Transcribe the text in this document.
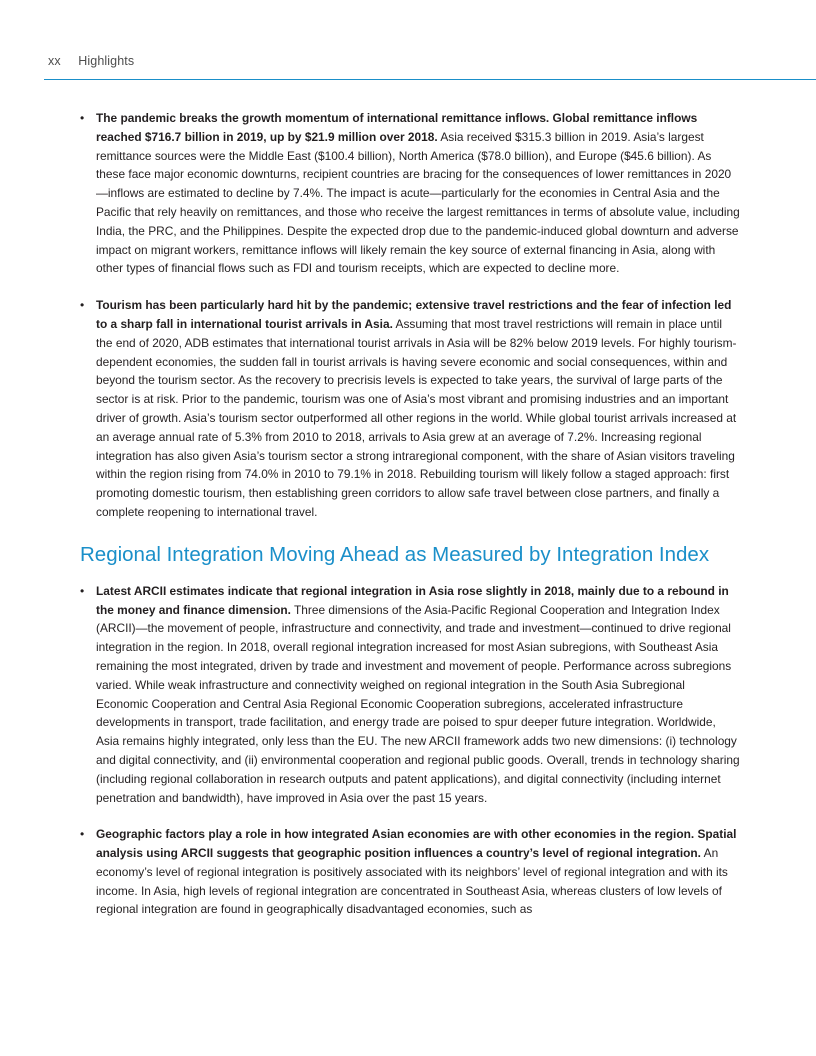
xx Highlights
• The pandemic breaks the growth momentum of international remittance inflows. Global remittance inflows reached $716.7 billion in 2019, up by $21.9 million over 2018. Asia received $315.3 billion in 2019. Asia’s largest remittance sources were the Middle East ($100.4 billion), North America ($78.0 billion), and Europe ($45.6 billion). As these face major economic downturns, recipient countries are bracing for the consequences of lower remittances in 2020—inflows are estimated to decline by 7.4%. The impact is acute—particularly for the economies in Central Asia and the Pacific that rely heavily on remittances, and those who receive the largest remittances in terms of absolute value, including India, the PRC, and the Philippines. Despite the expected drop due to the pandemic-induced global downturn and adverse impact on migrant workers, remittance inflows will likely remain the key source of external financing in Asia, along with other types of financial flows such as FDI and tourism receipts, which are expected to decline more.
• Tourism has been particularly hard hit by the pandemic; extensive travel restrictions and the fear of infection led to a sharp fall in international tourist arrivals in Asia. Assuming that most travel restrictions will remain in place until the end of 2020, ADB estimates that international tourist arrivals in Asia will be 82% below 2019 levels. For highly tourism-dependent economies, the sudden fall in tourist arrivals is having severe economic and social consequences, within and beyond the tourism sector. As the recovery to precrisis levels is expected to take years, the survival of large parts of the sector is at risk. Prior to the pandemic, tourism was one of Asia’s most vibrant and promising industries and an important driver of growth. Asia’s tourism sector outperformed all other regions in the world. While global tourist arrivals increased at an average annual rate of 5.3% from 2010 to 2018, arrivals to Asia grew at an average of 7.2%. Increasing regional integration has also given Asia’s tourism sector a strong intraregional component, with the share of Asian visitors traveling within the region rising from 74.0% in 2010 to 79.1% in 2018. Rebuilding tourism will likely follow a staged approach: first promoting domestic tourism, then establishing green corridors to allow safe travel between close partners, and finally a complete reopening to international travel.
Regional Integration Moving Ahead as Measured by Integration Index
• Latest ARCII estimates indicate that regional integration in Asia rose slightly in 2018, mainly due to a rebound in the money and finance dimension. Three dimensions of the Asia-Pacific Regional Cooperation and Integration Index (ARCII)—the movement of people, infrastructure and connectivity, and trade and investment—continued to drive regional integration in the region. In 2018, overall regional integration increased for most Asian subregions, with Southeast Asia remaining the most integrated, driven by trade and investment and movement of people. Performance across subregions varied. While weak infrastructure and connectivity weighed on regional integration in the South Asia Subregional Economic Cooperation and Central Asia Regional Economic Cooperation subregions, accelerated infrastructure developments in transport, trade facilitation, and energy trade are poised to spur deeper future integration. Worldwide, Asia remains highly integrated, only less than the EU. The new ARCII framework adds two new dimensions: (i) technology and digital connectivity, and (ii) environmental cooperation and regional public goods. Overall, trends in technology sharing (including regional collaboration in research outputs and patent applications), and digital connectivity (including internet penetration and bandwidth), have improved in Asia over the past 15 years.
• Geographic factors play a role in how integrated Asian economies are with other economies in the region. Spatial analysis using ARCII suggests that geographic position influences a country’s level of regional integration. An economy’s level of regional integration is positively associated with its neighbors’ level of regional integration and with its income. In Asia, high levels of regional integration are concentrated in Southeast Asia, whereas clusters of low levels of regional integration are found in geographically disadvantaged economies, such as
